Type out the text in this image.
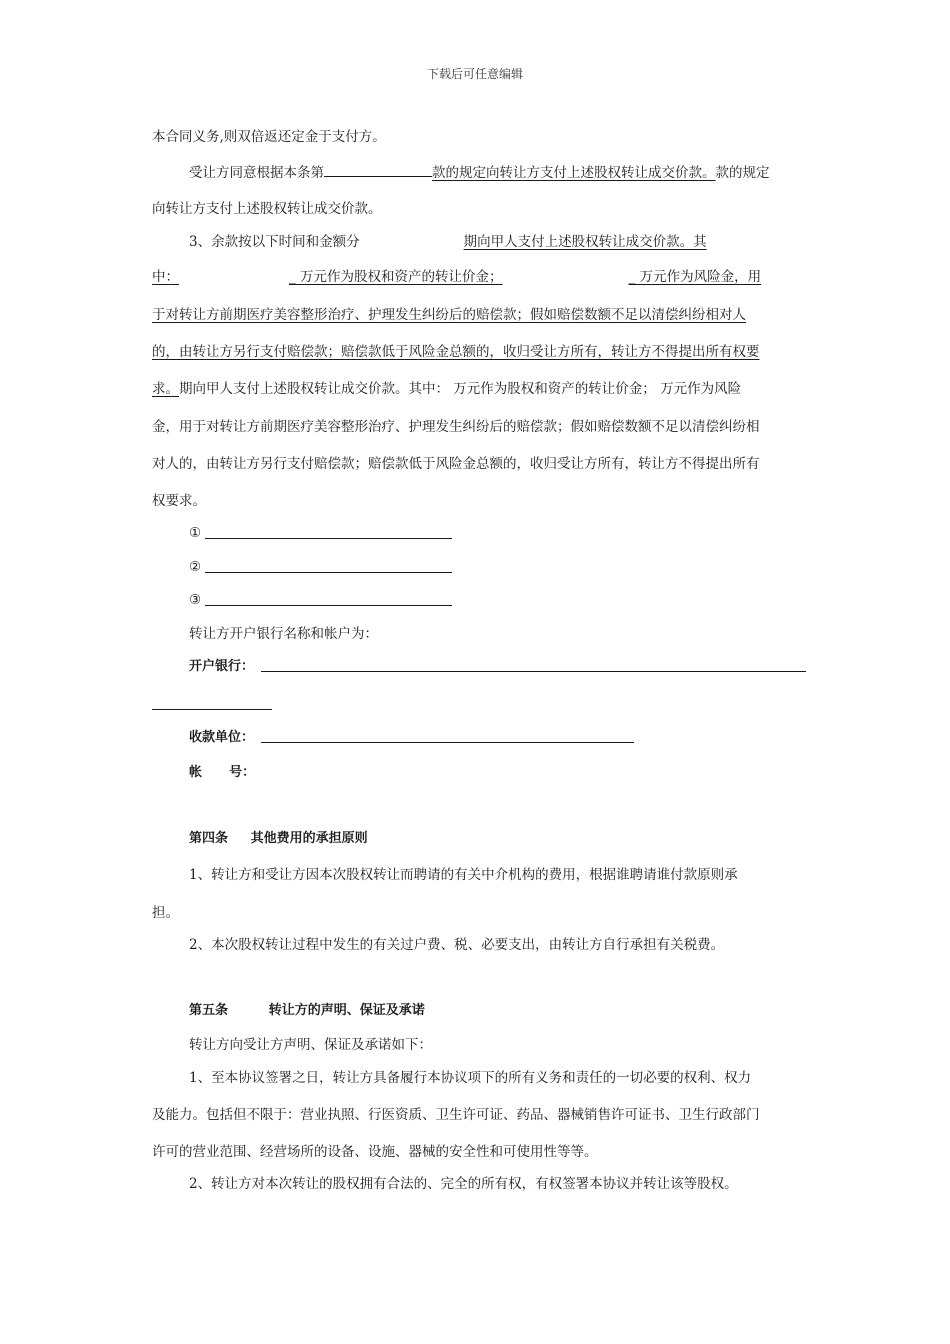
下载后可任意编辑
本合同义务,则双倍返还定金于支付方。
受让方同意根据本条第	款的规定向转让方支付上述股权转让成交价款。款的规定
向转让方支付上述股权转让成交价款。
3、余款按以下时间和金额分	期向甲人支付上述股权转让成交价款。其
中：	_ 万元作为股权和资产的转让价金；	_ 万元作为风险金，用
于对转让方前期医疗美容整形治疗、护理发生纠纷后的赔偿款；假如赔偿数额不足以清偿纠纷相对人
的，由转让方另行支付赔偿款；赔偿款低于风险金总额的，收归受让方所有，转让方不得提出所有权要
求。期向甲人支付上述股权转让成交价款。其中： 万元作为股权和资产的转让价金； 万元作为风险
金，用于对转让方前期医疗美容整形治疗、护理发生纠纷后的赔偿款；假如赔偿数额不足以清偿纠纷相
对人的，由转让方另行支付赔偿款；赔偿款低于风险金总额的，收归受让方所有，转让方不得提出所有
权要求。
①
②
③
转让方开户银行名称和帐户为：
开户银行：
收款单位：
帐      号：
第四条     其他费用的承担原则
1、转让方和受让方因本次股权转让而聘请的有关中介机构的费用，根据谁聘请谁付款原则承
担。
2、本次股权转让过程中发生的有关过户费、税、必要支出，由转让方自行承担有关税费。
第五条         转让方的声明、保证及承诺
转让方向受让方声明、保证及承诺如下：
1、至本协议签署之日，转让方具备履行本协议项下的所有义务和责任的一切必要的权利、权力
及能力。包括但不限于：营业执照、行医资质、卫生许可证、药品、器械销售许可证书、卫生行政部门
许可的营业范围、经营场所的设备、设施、器械的安全性和可使用性等等。
2、转让方对本次转让的股权拥有合法的、完全的所有权，有权签署本协议并转让该等股权。
